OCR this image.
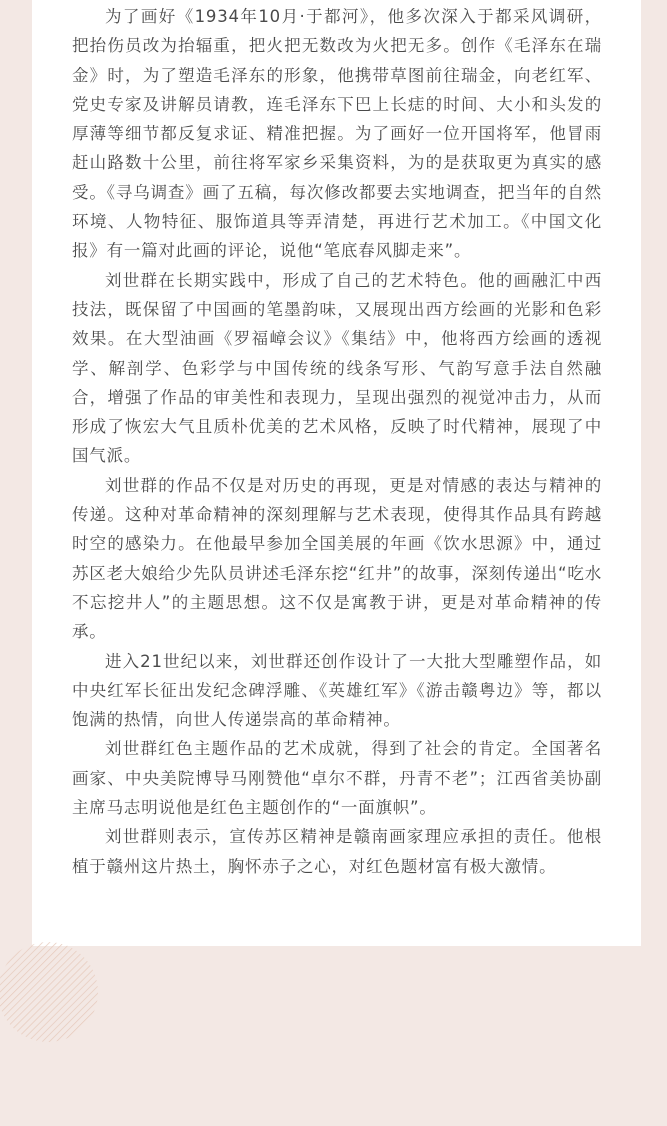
为了画好《1934年10月·于都河》，他多次深入于都采风调研，把抬伤员改为抬辐重，把火把无数改为火把无多。创作《毛泽东在瑞金》时，为了塑造毛泽东的形象，他携带草图前往瑞金，向老红军、党史专家及讲解员请教，连毛泽东下巴上长痣的时间、大小和头发的厚薄等细节都反复求证、精准把握。为了画好一位开国将军，他冒雨赶山路数十公里，前往将军家乡采集资料，为的是获取更为真实的感受。《寻乌调查》画了五稿，每次修改都要去实地调查，把当年的自然环境、人物特征、服饰道具等弄清楚，再进行艺术加工。《中国文化报》有一篇对此画的评论，说他“笔底春风脚走来”。

刘世群在长期实践中，形成了自己的艺术特色。他的画融汇中西技法，既保留了中国画的笔墨韵味，又展现出西方绘画的光影和色彩效果。在大型油画《罗福嶂会议》《集结》中，他将西方绘画的透视学、解剖学、色彩学与中国传统的线条写形、气韵写意手法自然融合，增强了作品的审美性和表现力，呈现出强烈的视觉冲击力，从而形成了恢宏大气且质朴优美的艺术风格，反映了时代精神，展现了中国气派。

刘世群的作品不仅是对历史的再现，更是对情感的表达与精神的传递。这种对革命精神的深刻理解与艺术表现，使得其作品具有跨越时空的感染力。在他最早参加全国美展的年画《饮水思源》中，通过苏区老大娘给少先队员讲述毛泽东挖“红井”的故事，深刻传递出“吃水不忘挖井人”的主题思想。这不仅是寓教于讲，更是对革命精神的传承。

进入21世纪以来，刘世群还创作设计了一大批大型雕塑作品，如中央红军长征出发纪念碑浮雕、《英雄红军》《游击赣粤边》等，都以饱满的热情，向世人传递崇高的革命精神。

刘世群红色主题作品的艺术成就，得到了社会的肯定。全国著名画家、中央美院博导马刚赞他“卓尔不群，丹青不老”；江西省美协副主席马志明说他是红色主题创作的“一面旗帜”。

刘世群则表示，宣传苏区精神是赣南画家理应承担的责任。他根植于赣州这片热土，胸怀赤子之心，对红色题材富有极大激情。
